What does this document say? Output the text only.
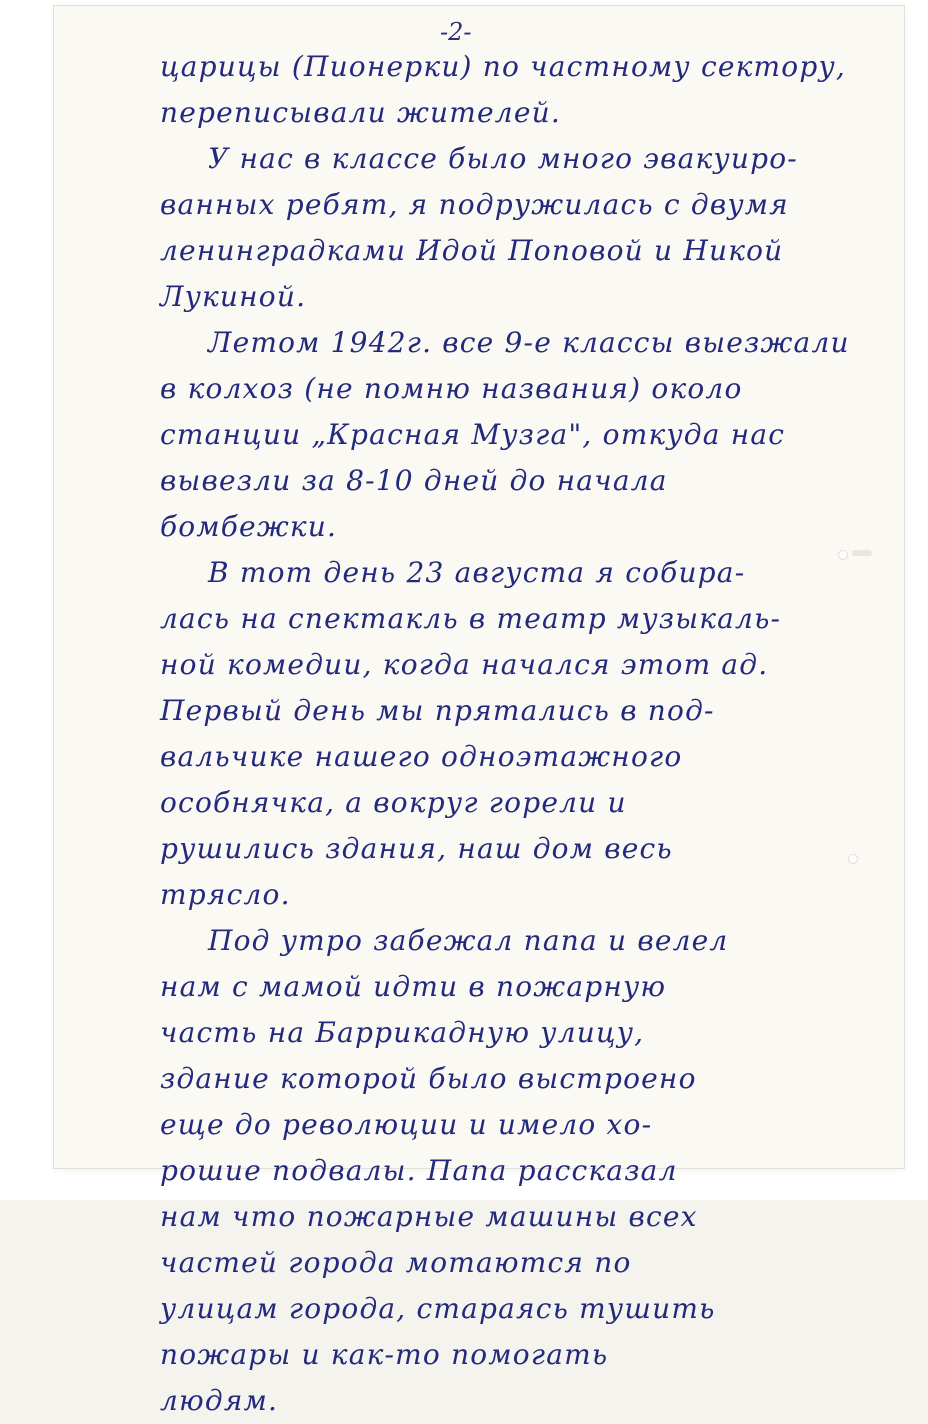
-2-

царицы (Пионерки) по частному сектору,
переписывали жителей.
У нас в классе было много эвакуиро-
ванных ребят, я подружилась с двумя
ленинградками Идой Поповой и Никой
Лукиной.
Летом 1942г. все 9-е классы выезжали
в колхоз (не помню названия) около
станции „Красная Музга", откуда нас
вывезли за 8-10 дней до начала
бомбежки.
В тот день 23 августа я собира-
лась на спектакль в театр музыкаль-
ной комедии, когда начался этот ад.
Первый день мы прятались в под-
вальчике нашего одноэтажного
особнячка, а вокруг горели и
рушились здания, наш дом весь
трясло.
Под утро забежал папа и велел
нам с мамой идти в пожарную
часть на Баррикадную улицу,
здание которой было выстроено
еще до революции и имело хо-
рошие подвалы. Папа рассказал
нам что пожарные машины всех
частей города мотаются по
улицам города, стараясь тушить
пожары и как-то помогать
людям.
